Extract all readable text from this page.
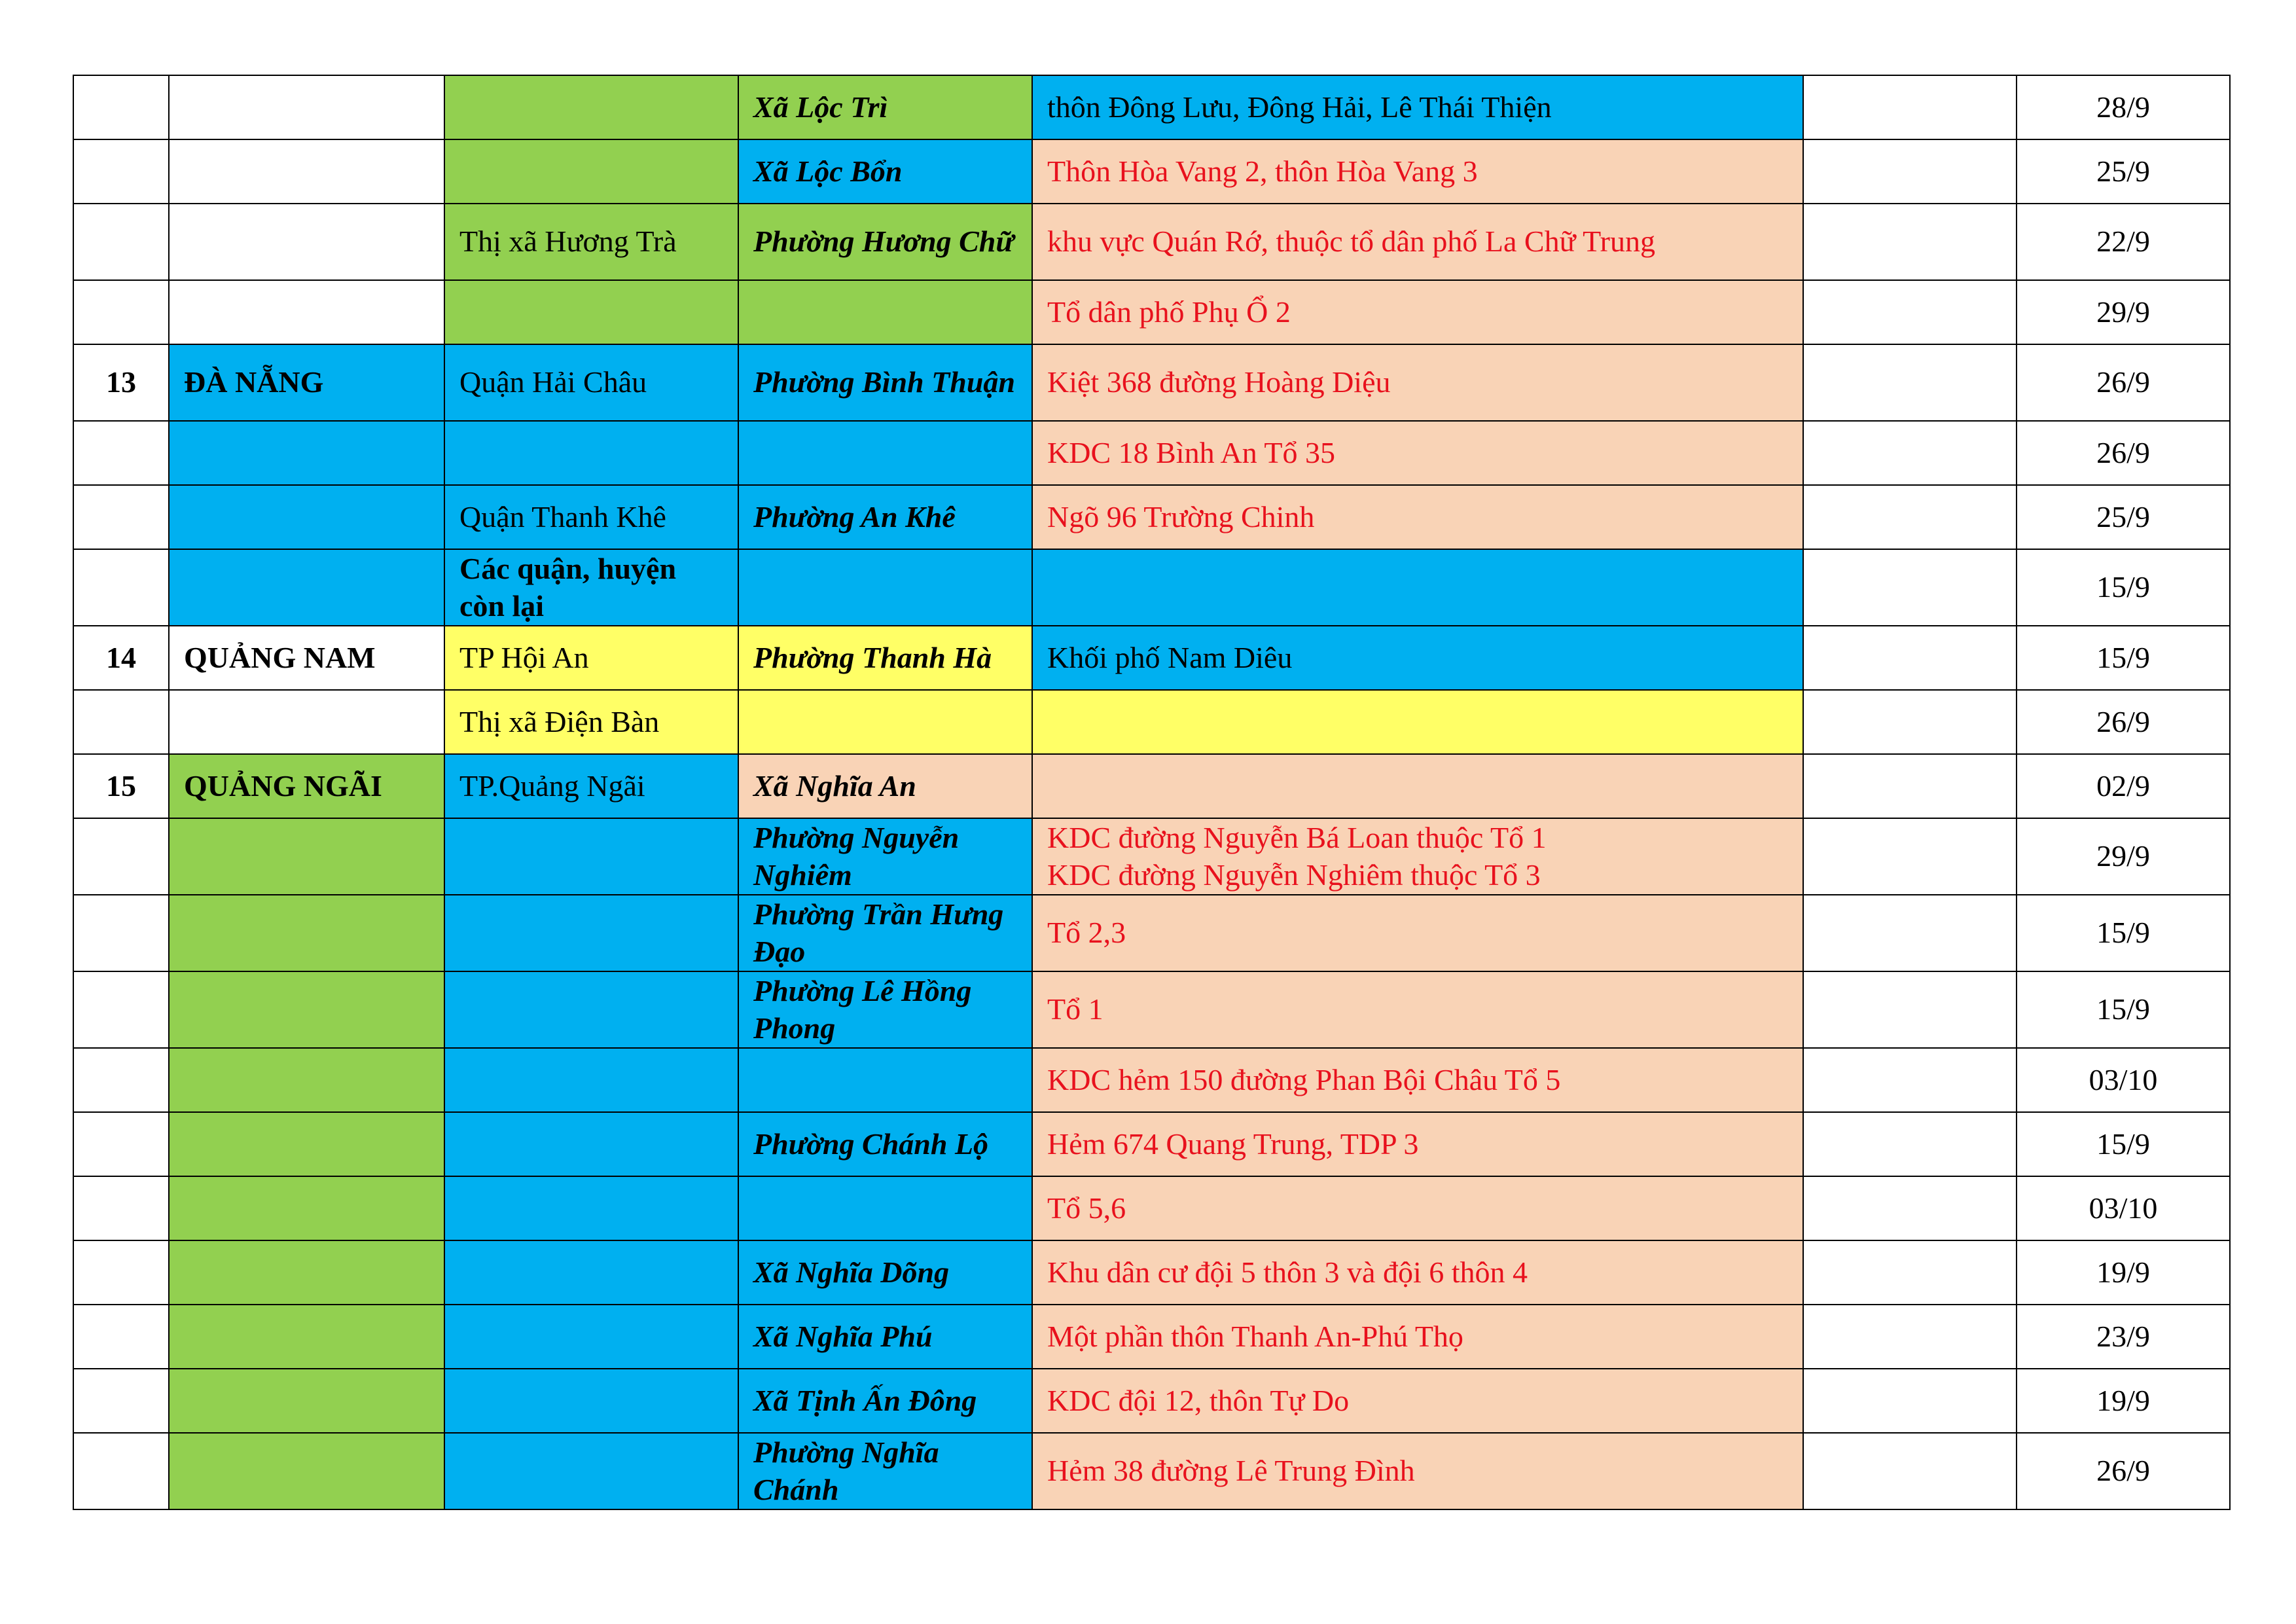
			Xã Lộc Trì	thôn Đông Lưu, Đông Hải, Lê Thái Thiện		28/9
			Xã Lộc Bổn	Thôn Hòa Vang 2, thôn Hòa Vang 3		25/9
		Thị xã Hương Trà	Phường Hương Chữ	khu vực Quán Rớ, thuộc tổ dân phố La Chữ Trung		22/9

				Tổ dân phố Phụ Ổ 2		29/9
13	ĐÀ NẴNG	Quận Hải Châu	Phường Bình Thuận	Kiệt 368 đường Hoàng Diệu		26/9

				KDC 18 Bình An Tổ 35		26/9
		Quận Thanh Khê	Phường An Khê	Ngõ 96 Trường Chinh		25/9
		Các quận, huyện còn lại				15/9
14	QUẢNG NAM	TP Hội An	Phường Thanh Hà	Khối phố Nam Diêu		15/9
		Thị xã Điện Bàn				26/9
15	QUẢNG NGÃI	TP.Quảng Ngãi	Xã Nghĩa An			02/9
			Phường Nguyễn Nghiêm	KDC đường Nguyễn Bá Loan thuộc Tổ 1
KDC đường Nguyễn Nghiêm thuộc Tổ 3		29/9
			Phường Trần Hưng Đạo	Tổ 2,3		15/9
			Phường Lê Hồng Phong	Tổ 1		15/9

				KDC hẻm 150 đường Phan Bội Châu Tổ 5		03/10
			Phường Chánh Lộ	Hẻm 674 Quang Trung, TDP 3		15/9

				Tổ 5,6		03/10
			Xã Nghĩa Dõng	Khu dân cư đội 5 thôn 3 và đội 6 thôn 4		19/9
			Xã Nghĩa Phú	Một phần thôn Thanh An-Phú Thọ		23/9
			Xã Tịnh Ấn Đông	KDC đội 12, thôn Tự Do		19/9
			Phường Nghĩa Chánh	Hẻm 38 đường Lê Trung Đình		26/9
